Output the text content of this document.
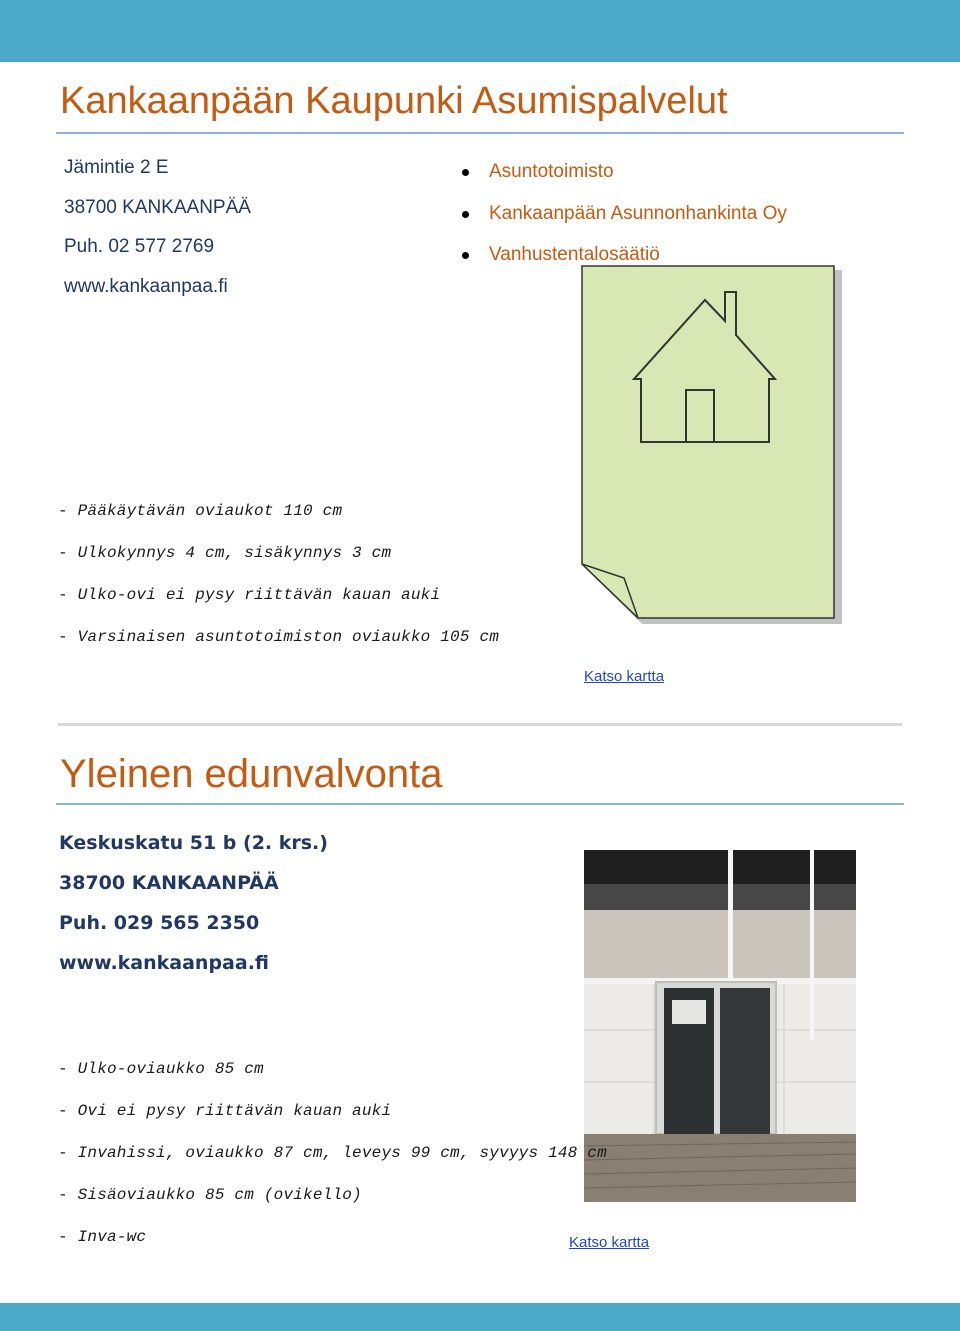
Kankaanpään Kaupunki Asumispalvelut
Jämintie 2 E
38700 KANKAANPÄÄ
Puh. 02 577 2769
www.kankaanpaa.fi
Asuntotoimisto
Kankaanpään Asunnonhankinta Oy
Vanhustentalosäätiö
- Pääkäytävän oviaukot 110 cm
- Ulkokynnys 4 cm, sisäkynnys 3 cm
- Ulko-ovi ei pysy riittävän kauan auki
- Varsinaisen asuntotoimiston oviaukko 105 cm
Katso kartta
Yleinen edunvalvonta
Keskuskatu 51 b (2. krs.)
38700 KANKAANPÄÄ
Puh. 029 565 2350
www.kankaanpaa.fi
- Ulko-oviaukko 85 cm
- Ovi ei pysy riittävän kauan auki
- Invahissi, oviaukko 87 cm, leveys 99 cm, syvyys 148 cm
- Sisäoviaukko 85 cm (ovikello)
- Inva-wc	Katso kartta
4
